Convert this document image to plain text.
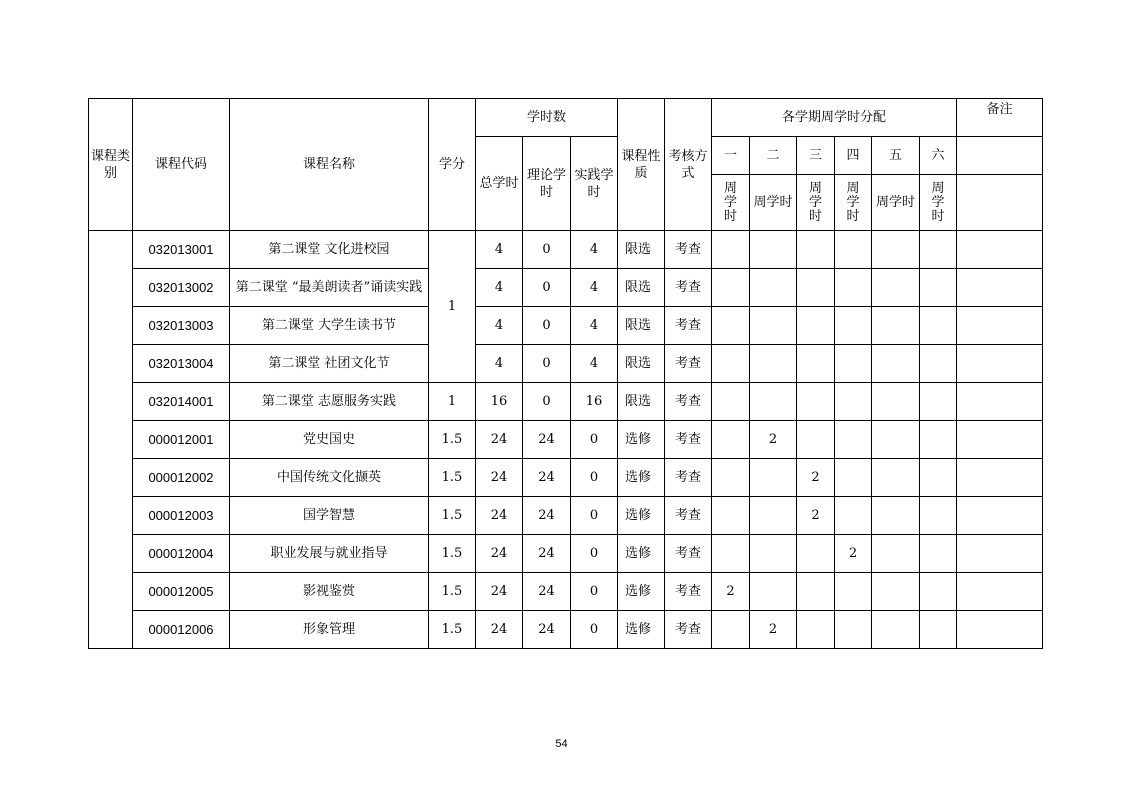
课程类别	课程代码	课程名称	学分	学时数			课程性质	考核方式	各学期周学时分配						备注
				总学时	理论学时	实践学时			一	二	三	四	五	六	

									周学时	周学时	周学时	周学时	周学时	周学时	

	032013001	第二课堂 文化进校园	1	4	0	4	限选	考查							
	032013002	第二课堂 “最美朗读者”诵读实践		4	0	4	限选	考查							
	032013003	第二课堂 大学生读书节		4	0	4	限选	考查							
	032013004	第二课堂 社团文化节		4	0	4	限选	考查							
	032014001	第二课堂 志愿服务实践	1	16	0	16	限选	考查							
	000012001	党史国史	1.5	24	24	0	选修	考查		2					
	000012002	中国传统文化撷英	1.5	24	24	0	选修	考查			2				
	000012003	国学智慧	1.5	24	24	0	选修	考查			2				
	000012004	职业发展与就业指导	1.5	24	24	0	选修	考查				2			
	000012005	影视鉴赏	1.5	24	24	0	选修	考查	2						
	000012006	形象管理	1.5	24	24	0	选修	考查		2					
54
